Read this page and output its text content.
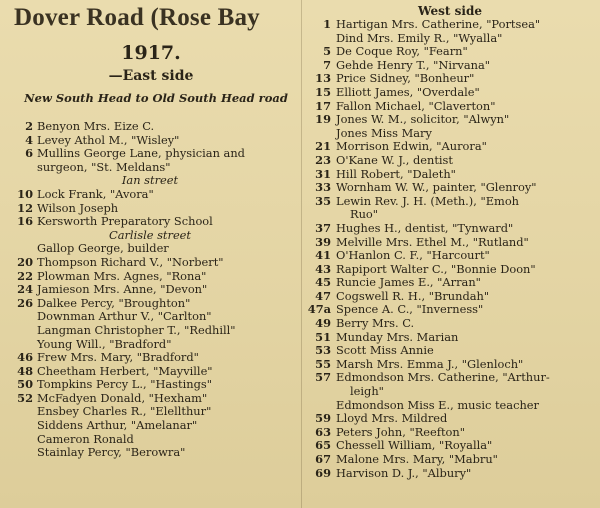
Dover Road (Rose Bay
1917.
—East side
New South Head to Old South Head road
2 Benyon Mrs. Eize C.
4 Levey Athol M., "Wisley"
6 Mullins George Lane, physician and
surgeon, "St. Meldans"
Ian street
10 Lock Frank, "Avora"
12 Wilson Joseph
16 Kersworth Preparatory School
Carlisle street
Gallop George, builder
20 Thompson Richard V., "Norbert"
22 Plowman Mrs. Agnes, "Rona"
24 Jamieson Mrs. Anne, "Devon"
26 Dalkee Percy, "Broughton"
Downman Arthur V., "Carlton"
Langman Christopher T., "Redhill"
Young Will., "Bradford"
46 Frew Mrs. Mary, "Bradford"
48 Cheetham Herbert, "Mayville"
50 Tompkins Percy L., "Hastings"
52 McFadyen Donald, "Hexham"
Ensbey Charles R., "Elellthur"
Siddens Arthur, "Amelanar"
Cameron Ronald
Stainlay Percy, "Berowra"
West side
1 Hartigan Mrs. Catherine, "Portsea"
Dind Mrs. Emily R., "Wyalla"
5 De Coque Roy, "Fearn"
7 Gehde Henry T., "Nirvana"
13 Price Sidney, "Bonheur"
15 Elliott James, "Overdale"
17 Fallon Michael, "Claverton"
19 Jones W. M., solicitor, "Alwyn"
Jones Miss Mary
21 Morrison Edwin, "Aurora"
23 O'Kane W. J., dentist
31 Hill Robert, "Daleth"
33 Wornham W. W., painter, "Glenroy"
35 Lewin Rev. J. H. (Meth.), "Emoh
Ruo"
37 Hughes H., dentist, "Tynward"
39 Melville Mrs. Ethel M., "Rutland"
41 O'Hanlon C. F., "Harcourt"
43 Rapiport Walter C., "Bonnie Doon"
45 Runcie James E., "Arran"
47 Cogswell R. H., "Brundah"
47a Spence A. C., "Inverness"
49 Berry Mrs. C.
51 Munday Mrs. Marian
53 Scott Miss Annie
55 Marsh Mrs. Emma J., "Glenloch"
57 Edmondson Mrs. Catherine, "Arthur-
leigh"
Edmondson Miss E., music teacher
59 Lloyd Mrs. Mildred
63 Peters John, "Reefton"
65 Chessell William, "Royalla"
67 Malone Mrs. Mary, "Mabru"
69 Harvison D. J., "Albury"
